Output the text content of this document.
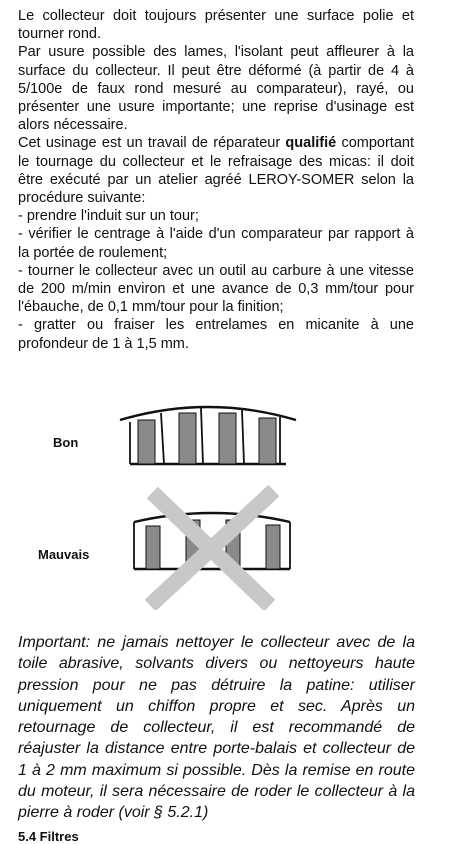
Le collecteur doit toujours présenter une surface polie et tourner rond.

Par usure possible des lames, l'isolant peut affleurer à la surface du collecteur. Il peut être déformé (à partir de 4 à 5/100e de faux rond mesuré au comparateur), rayé, ou présenter une usure importante; une reprise d'usinage est alors nécessaire.

Cet usinage est un travail de réparateur qualifié comportant le tournage du collecteur et le refraisage des micas: il doit être exécuté par un atelier agréé LEROY-SOMER selon la procédure suivante:

- prendre l'induit sur un tour;

- vérifier le centrage à l'aide d'un comparateur par rapport à la portée de roulement;

- tourner le collecteur avec un outil au carbure à une vitesse de 200 m/min environ et une avance de 0,3 mm/tour pour l'ébauche, de 0,1 mm/tour pour la finition;

- gratter ou fraiser les entrelames en micanite à une profondeur de 1 à 1,5 mm.

Bon
Mauvais

Important: ne jamais nettoyer le collecteur avec de la toile abrasive, solvants divers ou nettoyeurs haute pression pour ne pas détruire la patine: utiliser uniquement un chiffon propre et sec. Après un retournage de collecteur, il est recommandé de réajuster la distance entre porte-balais et collecteur de 1 à 2 mm maximum si possible. Dès la remise en route du moteur, il sera nécessaire de roder le collecteur à la pierre à roder (voir § 5.2.1)

5.4 Filtres
